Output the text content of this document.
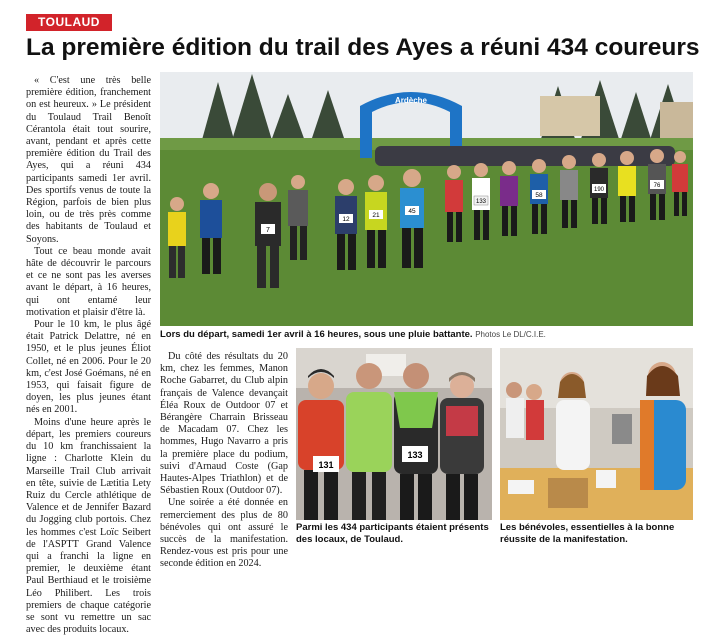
TOULAUD
La première édition du trail des Ayes a réuni 434 coureurs

« C'est une très belle première édition, franchement on est heureux. » Le président du Toulaud Trail Benoît Cérantola était tout sourire, avant, pendant et après cette première édition du Trail des Ayes, qui a réuni 434 participants samedi 1er avril. Des sportifs venus de toute la Région, parfois de bien plus loin, ou de très près comme des habitants de Toulaud et Soyons.

Tout ce beau monde avait hâte de découvrir le parcours et ce ne sont pas les averses avant le départ, à 16 heures, qui ont entamé leur motivation et plaisir d'être là.

Pour le 10 km, le plus âgé était Patrick Delattre, né en 1950, et le plus jeunes Éliot Collet, né en 2006. Pour le 20 km, c'est José Goémans, né en 1953, qui faisait figure de doyen, les plus jeunes étant nés en 2001.

Moins d'une heure après le départ, les premiers coureurs du 10 km franchissaient la ligne : Charlotte Klein du Marseille Trail Club arrivait en tête, suivie de Lætitia Lety Ruiz du Cercle athlétique de Valence et de Jennifer Bazard du Jogging club portois. Chez les hommes c'est Loïc Seibert de l'ASPTT Grand Valence qui a franchi la ligne en premier, le deuxième étant Paul Berthiaud et le troisième Léo Philibert. Les trois premiers de chaque catégorie se sont vu remettre un sac avec des produits locaux.

Du côté des résultats du 20 km, chez les femmes, Manon Roche Gabarret, du Club alpin français de Valence devançait Éléa Roux de Outdoor 07 et Bérangère Charrain Brisseau de Macadam 07. Chez les hommes, Hugo Navarro a pris la première place du podium, suivi d'Arnaud Coste (Gap Hautes-Alpes Triathlon) et de Sébastien Roux (Outdoor 07).

Une soirée a été donnée en remerciement des plus de 80 bénévoles qui ont assuré le succès de la manifestation. Rendez-vous est pris pour une seconde édition en 2024.

Ardèche
7
12
21
45
133
58
190
76
Lors du départ, samedi 1er avril à 16 heures, sous une pluie battante. Photos Le DL/C.I.E.
131
133
Parmi les 434 participants étaient présents des locaux, de Toulaud.
Les bénévoles, essentielles à la bonne réussite de la manifestation.
